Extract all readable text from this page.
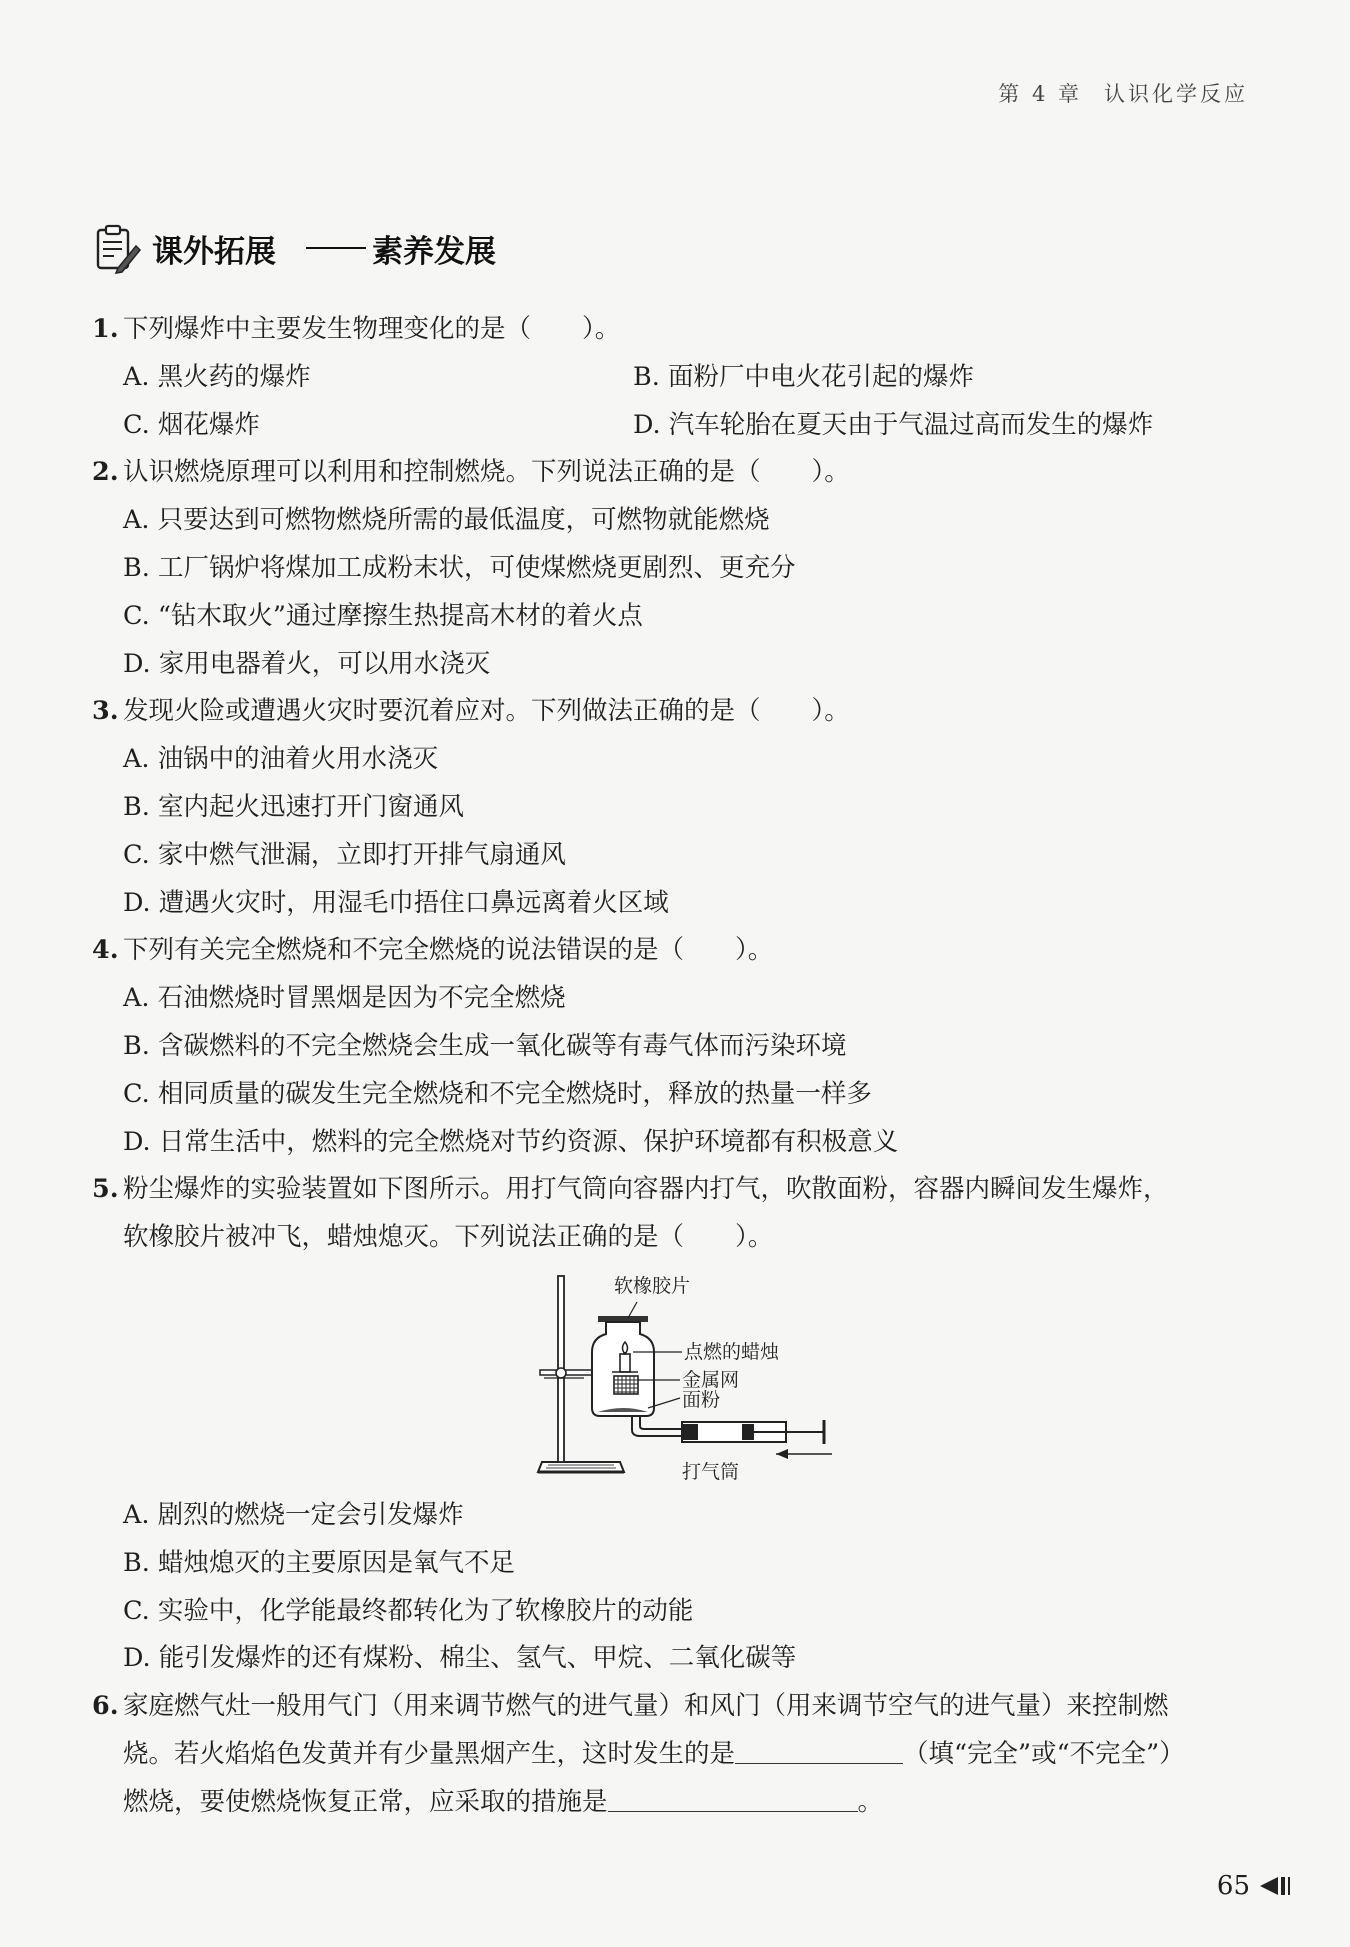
第 4 章 认识化学反应
课外拓展	素养发展
1. 下列爆炸中主要发生物理变化的是（　　）。
A. 黑火药的爆炸	B. 面粉厂中电火花引起的爆炸
C. 烟花爆炸	D. 汽车轮胎在夏天由于气温过高而发生的爆炸
2. 认识燃烧原理可以利用和控制燃烧。下列说法正确的是（　　）。
A. 只要达到可燃物燃烧所需的最低温度，可燃物就能燃烧
B. 工厂锅炉将煤加工成粉末状，可使煤燃烧更剧烈、更充分
C. “钻木取火”通过摩擦生热提高木材的着火点
D. 家用电器着火，可以用水浇灭
3. 发现火险或遭遇火灾时要沉着应对。下列做法正确的是（　　）。
A. 油锅中的油着火用水浇灭
B. 室内起火迅速打开门窗通风
C. 家中燃气泄漏，立即打开排气扇通风
D. 遭遇火灾时，用湿毛巾捂住口鼻远离着火区域
4. 下列有关完全燃烧和不完全燃烧的说法错误的是（　　）。
A. 石油燃烧时冒黑烟是因为不完全燃烧
B. 含碳燃料的不完全燃烧会生成一氧化碳等有毒气体而污染环境
C. 相同质量的碳发生完全燃烧和不完全燃烧时，释放的热量一样多
D. 日常生活中，燃料的完全燃烧对节约资源、保护环境都有积极意义
5. 粉尘爆炸的实验装置如下图所示。用打气筒向容器内打气，吹散面粉，容器内瞬间发生爆炸，
软橡胶片被冲飞，蜡烛熄灭。下列说法正确的是（　　）。
软橡胶片
点燃的蜡烛
金属网
面粉
打气筒
A. 剧烈的燃烧一定会引发爆炸
B. 蜡烛熄灭的主要原因是氧气不足
C. 实验中，化学能最终都转化为了软橡胶片的动能
D. 能引发爆炸的还有煤粉、棉尘、氢气、甲烷、二氧化碳等
6. 家庭燃气灶一般用气门（用来调节燃气的进气量）和风门（用来调节空气的进气量）来控制燃
烧。若火焰焰色发黄并有少量黑烟产生，这时发生的是	（填“完全”或“不完全”）
燃烧，要使燃烧恢复正常，应采取的措施是	。
65
